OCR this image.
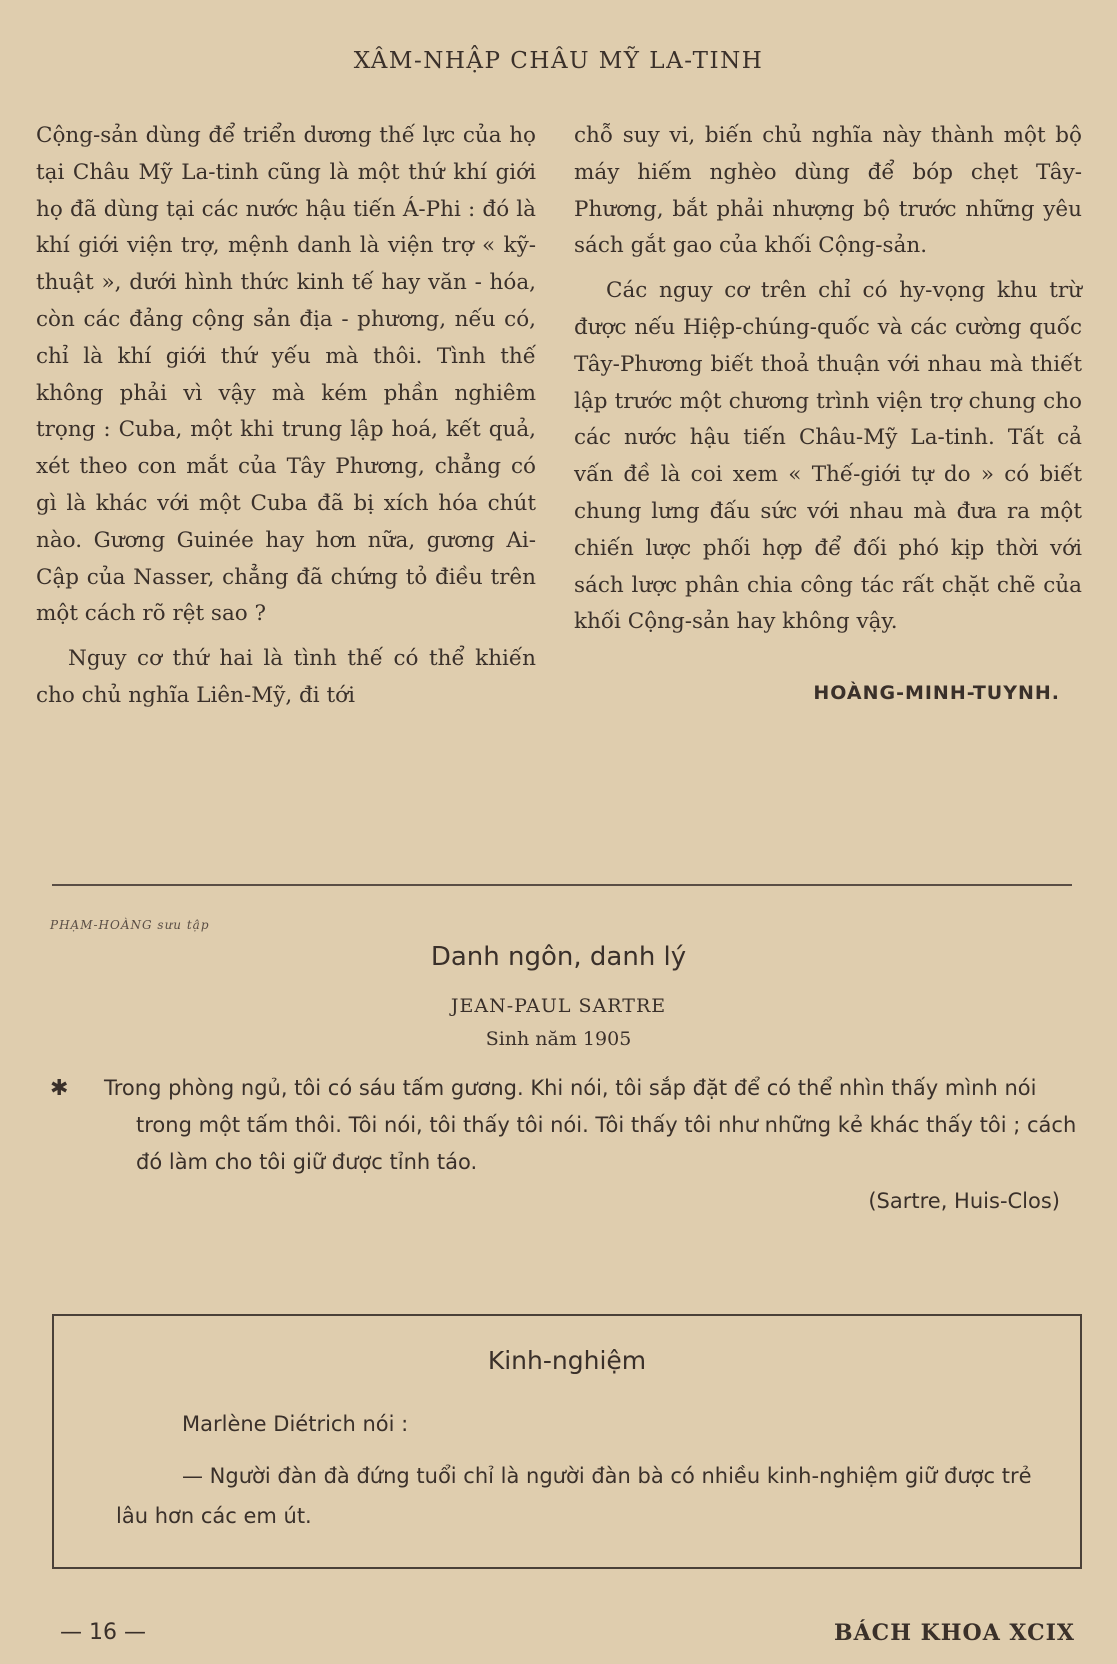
XÂM-NHẬP CHÂU MỸ LA-TINH

Cộng-sản dùng để triển dương thế lực của họ tại Châu Mỹ La-tinh cũng là một thứ khí giới họ đã dùng tại các nước hậu tiến Á-Phi : đó là khí giới viện trợ, mệnh danh là viện trợ « kỹ-thuật », dưới hình thức kinh tế hay văn - hóa, còn các đảng cộng sản địa - phương, nếu có, chỉ là khí giới thứ yếu mà thôi. Tình thế không phải vì vậy mà kém phần nghiêm trọng : Cuba, một khi trung lập hoá, kết quả, xét theo con mắt của Tây Phương, chẳng có gì là khác với một Cuba đã bị xích hóa chút nào. Gương Guinée hay hơn nữa, gương Ai-Cập của Nasser, chẳng đã chứng tỏ điều trên một cách rõ rệt sao ?

Nguy cơ thứ hai là tình thế có thể khiến cho chủ nghĩa Liên-Mỹ, đi tới

chỗ suy vi, biến chủ nghĩa này thành một bộ máy hiếm nghèo dùng để bóp chẹt Tây-Phương, bắt phải nhượng bộ trước những yêu sách gắt gao của khối Cộng-sản.

Các nguy cơ trên chỉ có hy-vọng khu trừ được nếu Hiệp-chúng-quốc và các cường quốc Tây-Phương biết thoả thuận với nhau mà thiết lập trước một chương trình viện trợ chung cho các nước hậu tiến Châu-Mỹ La-tinh. Tất cả vấn đề là coi xem « Thế-giới tự do » có biết chung lưng đấu sức với nhau mà đưa ra một chiến lược phối hợp để đối phó kịp thời với sách lược phân chia công tác rất chặt chẽ của khối Cộng-sản hay không vậy.

HOÀNG-MINH-TUYNH.
PHẠM-HOÀNG sưu tập
Danh ngôn, danh lý
JEAN-PAUL SARTRE
Sinh năm 1905
✱ Trong phòng ngủ, tôi có sáu tấm gương. Khi nói, tôi sắp đặt để có thể nhìn thấy mình nói trong một tấm thôi. Tôi nói, tôi thấy tôi nói. Tôi thấy tôi như những kẻ khác thấy tôi ; cách đó làm cho tôi giữ được tỉnh táo.
(Sartre, Huis-Clos)
Kinh-nghiệm
Marlène Diétrich nói :
— Người đàn đà đứng tuổi chỉ là người đàn bà có nhiều kinh-nghiệm giữ được trẻ lâu hơn các em út.
— 16 —	BÁCH KHOA XCIX
